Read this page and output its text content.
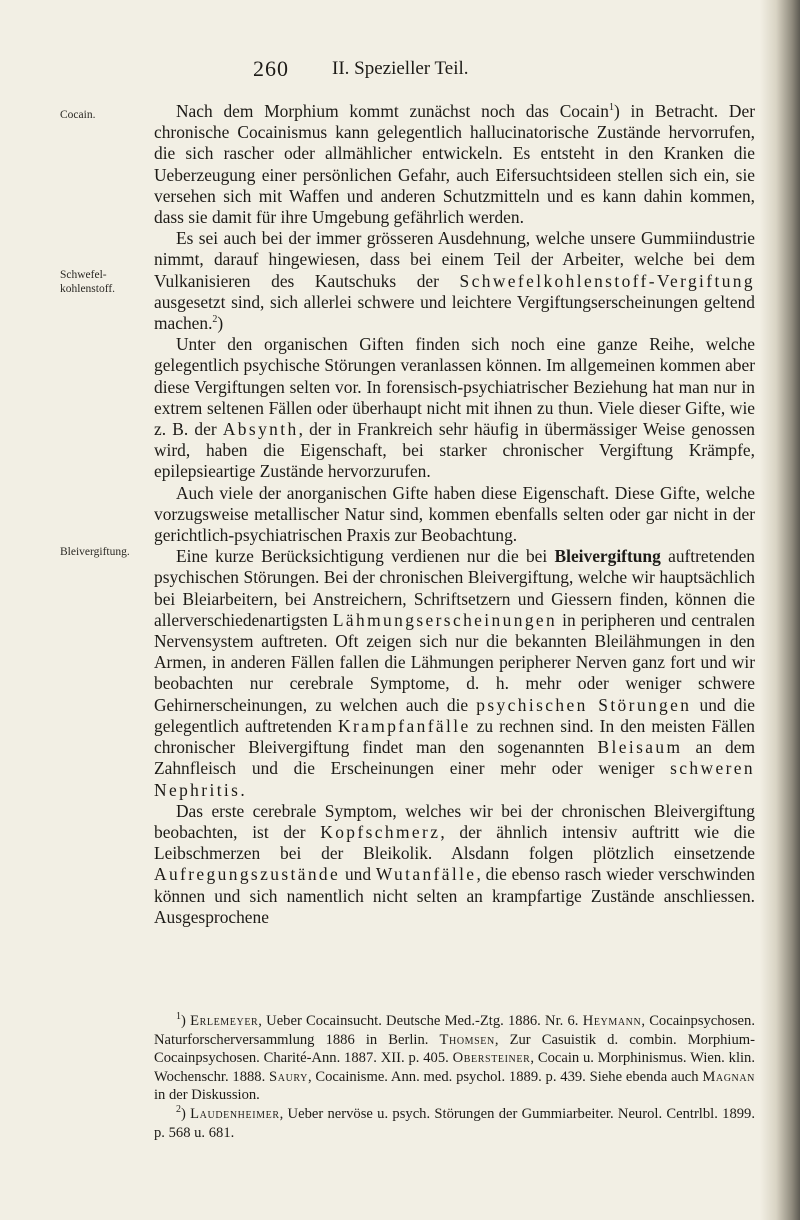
260 II. Spezieller Teil.
Cocain.
Schwefel-
kohlenstoff.
Bleivergiftung.

Nach dem Morphium kommt zunächst noch das Cocain$^1$) in Betracht. Der chronische Cocainismus kann gelegentlich hallucinatorische Zustände hervorrufen, die sich rascher oder allmählicher entwickeln. Es entsteht in den Kranken die Ueberzeugung einer persönlichen Gefahr, auch Eifersuchtsideen stellen sich ein, sie versehen sich mit Waffen und anderen Schutzmitteln und es kann dahin kommen, dass sie damit für ihre Umgebung gefährlich werden.

Es sei auch bei der immer grösseren Ausdehnung, welche unsere Gummiindustrie nimmt, darauf hingewiesen, dass bei einem Teil der Arbeiter, welche bei dem Vulkanisieren des Kautschuks der Schwefelkohlenstoff-Vergiftung ausgesetzt sind, sich allerlei schwere und leichtere Vergiftungserscheinungen geltend machen.$^2$)

Unter den organischen Giften finden sich noch eine ganze Reihe, welche gelegentlich psychische Störungen veranlassen können. Im allgemeinen kommen aber diese Vergiftungen selten vor. In forensisch-psychiatrischer Beziehung hat man nur in extrem seltenen Fällen oder überhaupt nicht mit ihnen zu thun. Viele dieser Gifte, wie z. B. der Absynth, der in Frankreich sehr häufig in übermässiger Weise genossen wird, haben die Eigenschaft, bei starker chronischer Vergiftung Krämpfe, epilepsieartige Zustände hervorzurufen.

Auch viele der anorganischen Gifte haben diese Eigenschaft. Diese Gifte, welche vorzugsweise metallischer Natur sind, kommen ebenfalls selten oder gar nicht in der gerichtlich-psychiatrischen Praxis zur Beobachtung.

Eine kurze Berücksichtigung verdienen nur die bei Bleivergiftung auftretenden psychischen Störungen. Bei der chronischen Bleivergiftung, welche wir hauptsächlich bei Bleiarbeitern, bei Anstreichern, Schriftsetzern und Giessern finden, können die allerverschiedenartigsten Lähmungserscheinungen in peripheren und centralen Nervensystem auftreten. Oft zeigen sich nur die bekannten Bleilähmungen in den Armen, in anderen Fällen fallen die Lähmungen peripherer Nerven ganz fort und wir beobachten nur cerebrale Symptome, d. h. mehr oder weniger schwere Gehirnerscheinungen, zu welchen auch die psychischen Störungen und die gelegentlich auftretenden Krampfanfälle zu rechnen sind. In den meisten Fällen chronischer Bleivergiftung findet man den sogenannten Bleisaum an dem Zahnfleisch und die Erscheinungen einer mehr oder weniger schweren Nephritis.

Das erste cerebrale Symptom, welches wir bei der chronischen Bleivergiftung beobachten, ist der Kopfschmerz, der ähnlich intensiv auftritt wie die Leibschmerzen bei der Bleikolik. Alsdann folgen plötzlich einsetzende Aufregungszustände und Wutanfälle, die ebenso rasch wieder verschwinden können und sich namentlich nicht selten an krampfartige Zustände anschliessen. Ausgesprochene

$^1$) Erlemeyer, Ueber Cocainsucht. Deutsche Med.-Ztg. 1886. Nr. 6. Heymann, Cocainpsychosen. Naturforscherversammlung 1886 in Berlin. Thomsen, Zur Casuistik d. combin. Morphium-Cocainpsychosen. Charité-Ann. 1887. XII. p. 405. Obersteiner, Cocain u. Morphinismus. Wien. klin. Wochenschr. 1888. Saury, Cocainisme. Ann. med. psychol. 1889. p. 439. Siehe ebenda auch Magnan in der Diskussion.

$^2$) Laudenheimer, Ueber nervöse u. psych. Störungen der Gummiarbeiter. Neurol. Centrlbl. 1899. p. 568 u. 681.
